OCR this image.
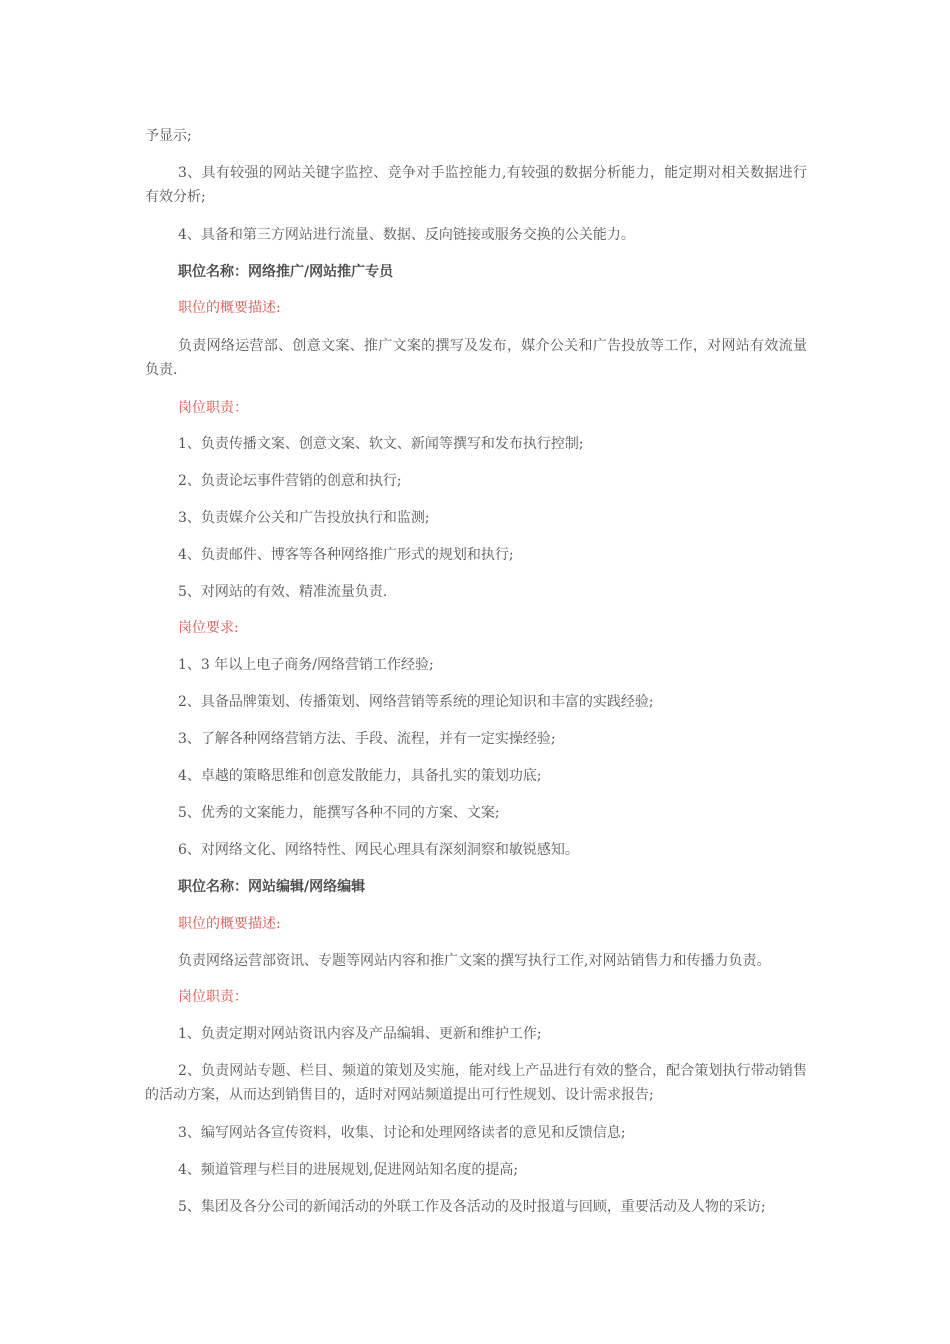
予显示;
3、具有较强的网站关键字监控、竞争对手监控能力,有较强的数据分析能力，能定期对相关数据进行有效分析;
4、具备和第三方网站进行流量、数据、反向链接或服务交换的公关能力。
职位名称：网络推广/网站推广专员
职位的概要描述:
负责网络运营部、创意文案、推广文案的撰写及发布，媒介公关和广告投放等工作，对网站有效流量负责.
岗位职责：
1、负责传播文案、创意文案、软文、新闻等撰写和发布执行控制;
2、负责论坛事件营销的创意和执行;
3、负责媒介公关和广告投放执行和监测;
4、负责邮件、博客等各种网络推广形式的规划和执行;
5、对网站的有效、精准流量负责.
岗位要求:
1、3 年以上电子商务/网络营销工作经验;
2、具备品牌策划、传播策划、网络营销等系统的理论知识和丰富的实践经验;
3、了解各种网络营销方法、手段、流程，并有一定实操经验;
4、卓越的策略思维和创意发散能力，具备扎实的策划功底;
5、优秀的文案能力，能撰写各种不同的方案、文案;
6、对网络文化、网络特性、网民心理具有深刻洞察和敏锐感知。
职位名称：网站编辑/网络编辑
职位的概要描述:
负责网络运营部资讯、专题等网站内容和推广文案的撰写执行工作,对网站销售力和传播力负责。
岗位职责：
1、负责定期对网站资讯内容及产品编辑、更新和维护工作;
2、负责网站专题、栏目、频道的策划及实施，能对线上产品进行有效的整合，配合策划执行带动销售的活动方案，从而达到销售目的，适时对网站频道提出可行性规划、设计需求报告;
3、编写网站各宣传资料，收集、讨论和处理网络读者的意见和反馈信息;
4、频道管理与栏目的进展规划,促进网站知名度的提高;
5、集团及各分公司的新闻活动的外联工作及各活动的及时报道与回顾，重要活动及人物的采访;
